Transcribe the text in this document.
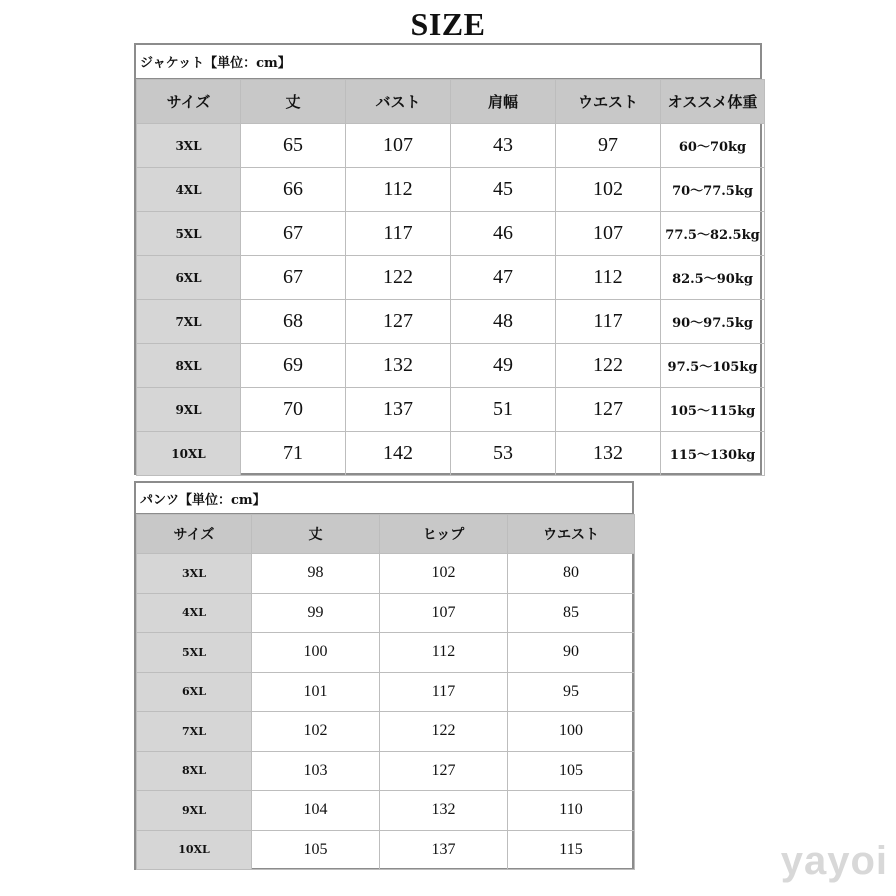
SIZE
ジャケット【単位：cm】
サイズ	丈	バスト	肩幅	ウエスト	オススメ体重
3XL	65	107	43	97	60～70kg
4XL	66	112	45	102	70～77.5kg
5XL	67	117	46	107	77.5～82.5kg
6XL	67	122	47	112	82.5～90kg
7XL	68	127	48	117	90～97.5kg
8XL	69	132	49	122	97.5～105kg
9XL	70	137	51	127	105～115kg
10XL	71	142	53	132	115～130kg
パンツ【単位：cm】
サイズ	丈	ヒップ	ウエスト
3XL	98	102	80
4XL	99	107	85
5XL	100	112	90
6XL	101	117	95
7XL	102	122	100
8XL	103	127	105
9XL	104	132	110
10XL	105	137	115	yayoi
